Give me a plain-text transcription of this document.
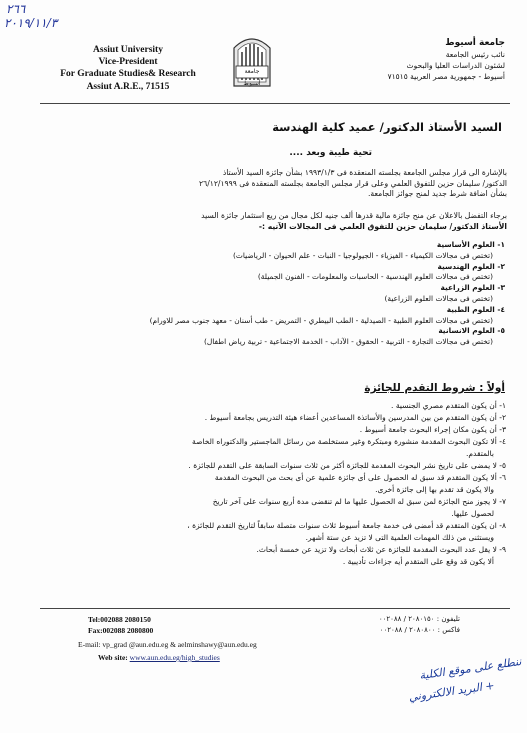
٢٦٦
٢٠١٩/١١/٣
Assiut University
Vice-President
For Graduate Studies& Research
Assiut A.R.E., 71515
جامعة أسيوط
جامعة أسيوط
نائب رئيس الجامعة
لشئون الدراسات العليا والبحوث
أسيوط - جمهورية مصر العربية ٧١٥١٥
السيد الأستاذ الدكتور/ عميد كلية الهندسة
تحية طيبة وبعد ....
بالإشارة الى قرار مجلس الجامعة بجلسته المنعقدة فى ١٩٩٣/١/٣ بشأن جائزة السيد الأستاذ
الدكتور/ سليمان حزين للتفوق العلمي وعلى قرار مجلس الجامعة بجلسته المنعقدة فى ٢٦/١٢/١٩٩٩
بشأن اضافة شرط جديد لمنح جوائز الجامعة.
برجاء التفضل بالاعلان عن منح جائزة مالية قدرها ألف جنيه لكل مجال من ريع استثمار جائزة السيد
الأستاذ الدكتور/ سليمان حزين للتفوق العلمي فى المجالات الآتيه :-
١- العلوم الأساسية
(تختص فى مجالات الكيمياء - الفيزياء - الجيولوجيا - النبات - علم الحيوان - الرياضيات)
٢- العلوم الهندسية
(تختص فى مجالات العلوم الهندسية - الحاسبات والمعلومات - الفنون الجميلة)
٣- العلوم الزراعية
(تختص فى مجالات العلوم الزراعية)
٤- العلوم الطبية
(تختص فى مجالات العلوم الطبية - الصيدلية - الطب البيطري - التمريض - طب أسنان - معهد جنوب مصر للاورام)
٥- العلوم الانسانية
(تختص فى مجالات التجارة - التربية - الحقوق - الآداب - الخدمة الاجتماعية - تربية رياض اطفال)
أولاً : شروط التقدم للجائزة
١- أن يكون المتقدم مصري الجنسية .
٢- أن يكون المتقدم من بين المدرسين والأساتذة المساعدين أعضاء هيئة التدريس بجامعة أسيوط .
٣- أن يكون مكان إجراء البحوث جامعة أسيوط .
٤- ألا تكون البحوث المقدمة منشورة ومبتكرة وغير مستخلصة من رسائل الماجستير والدكتوراه الخاصة
بالمتقدم.
٥- لا يمضى على تاريخ نشر البحوث المقدمة للجائزة أكثر من ثلاث سنوات السابقة على التقدم للجائزة .
٦- ألا يكون المتقدم قد سبق له الحصول على أى جائزة علمية عن أى بحث من البحوث المقدمة
والا يكون قد تقدم بها إلى جائزة أخرى.
٧- لا يجوز منح الجائزة لمن سبق له الحصول عليها ما لم تنقضى مدة أربع سنوات على آخر تاريخ
لحصول عليها.
٨- ان يكون المتقدم قد أمضى فى خدمة جامعة أسيوط ثلاث سنوات متصلة سابقاً لتاريخ التقدم للجائزة ،
ويستثنى من ذلك المهمات العلمية التى لا تزيد عن ستة أشهر.
٩- لا يقل عدد البحوث المقدمة للجائزة عن ثلاث أبحاث ولا تزيد عن خمسة أبحاث.
ألا يكون قد وقع على المتقدم أيه جزاءات تأديبية .
Tel:002088 2080150
Fax:002088 2080800
E-mail: vp_grad @aun.edu.eg & aelminshawy@aun.edu.eg
Web site: www.aun.edu.eg/high_studies
تليفون : ٢٠٨٠١٥٠ / ٠٠٢٠٨٨
فاكس : ٢٠٨٠٨٠٠ / ٠٠٢٠٨٨
ننطلع على موقع الكلية
+ البريد الالكتروني
